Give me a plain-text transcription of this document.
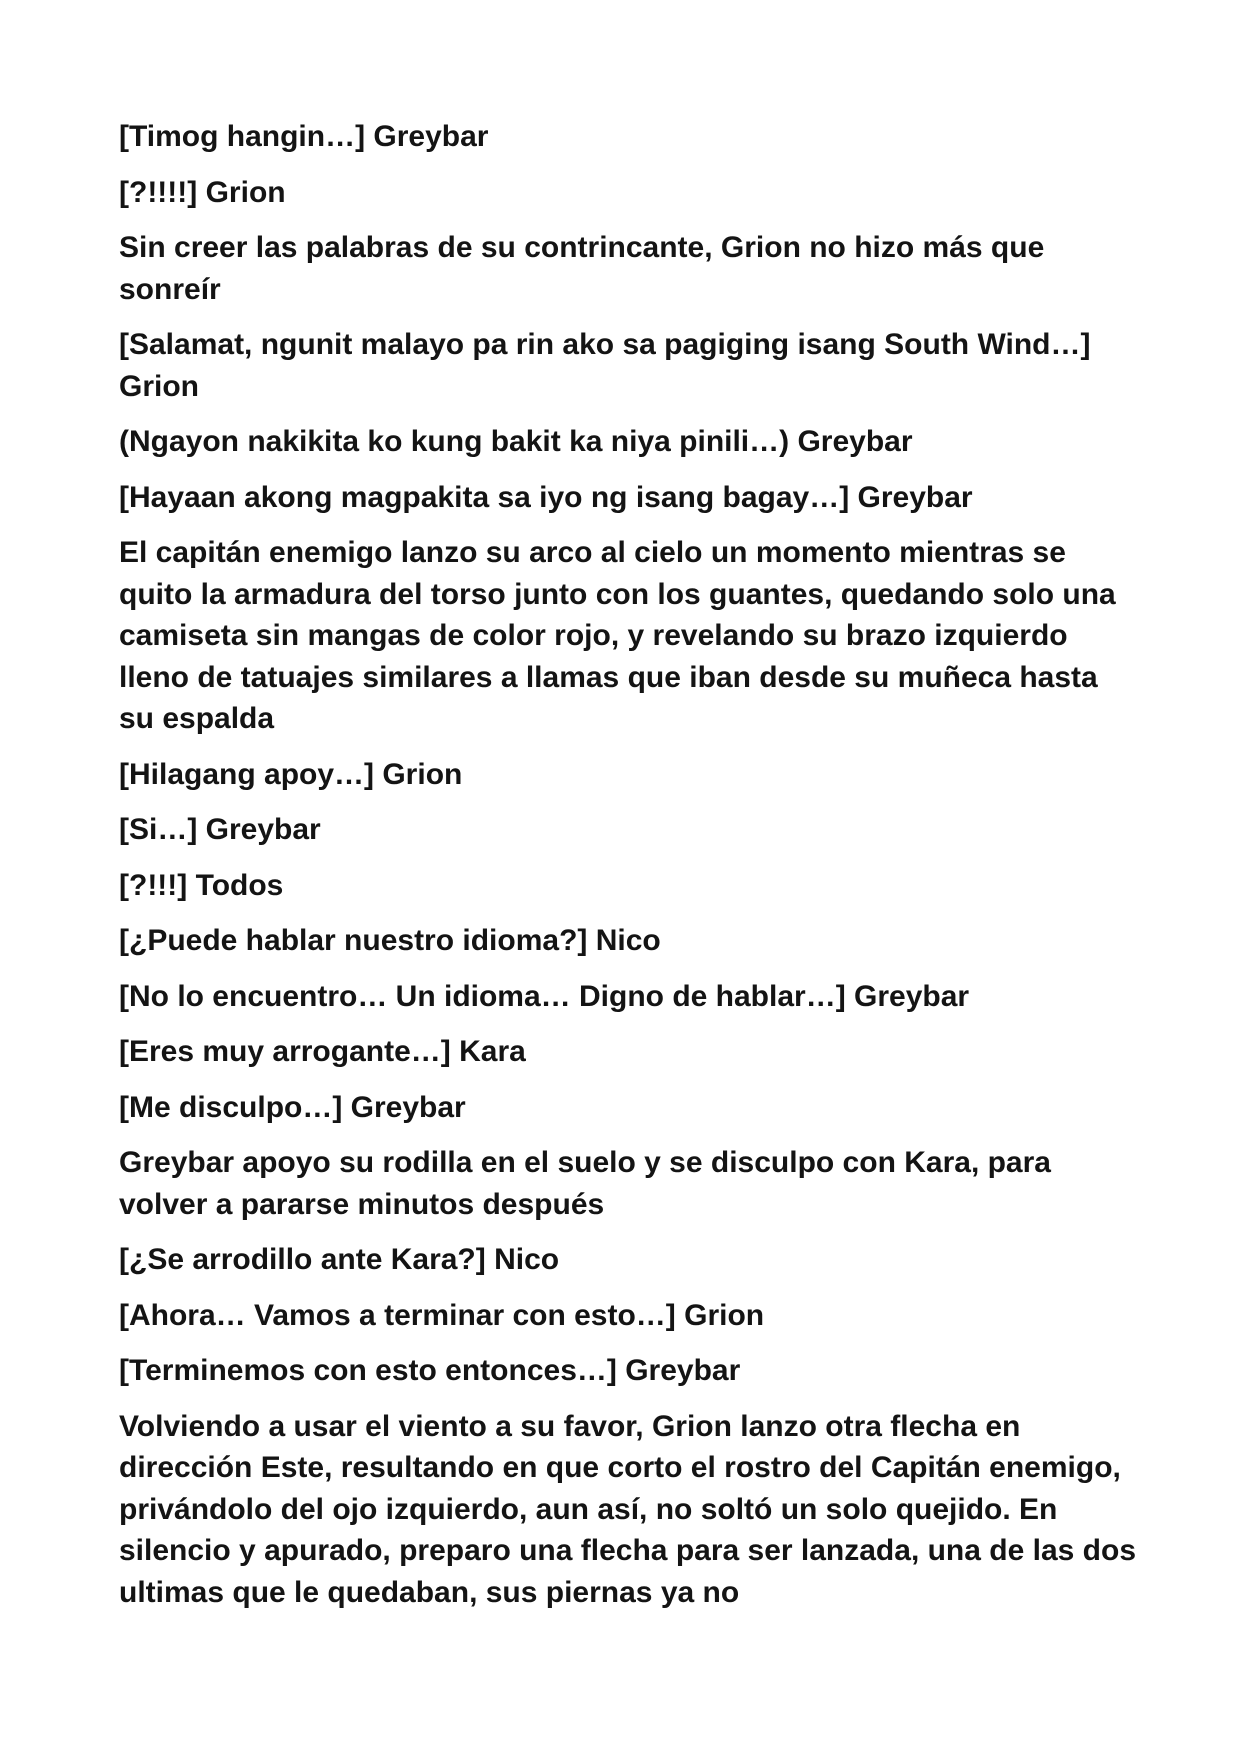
[Timog hangin…] Greybar

[?!!!!] Grion

Sin creer las palabras de su contrincante, Grion no hizo más que sonreír

[Salamat, ngunit malayo pa rin ako sa pagiging isang South Wind…] Grion

(Ngayon nakikita ko kung bakit ka niya pinili…) Greybar

[Hayaan akong magpakita sa iyo ng isang bagay…] Greybar

El capitán enemigo lanzo su arco al cielo un momento mientras se quito la armadura del torso junto con los guantes, quedando solo una camiseta sin mangas de color rojo, y revelando su brazo izquierdo lleno de tatuajes similares a llamas que iban desde su muñeca hasta su espalda

[Hilagang apoy…] Grion

[Si…] Greybar

[?!!!] Todos

[¿Puede hablar nuestro idioma?] Nico

[No lo encuentro… Un idioma… Digno de hablar…] Greybar

[Eres muy arrogante…] Kara

[Me disculpo…] Greybar

Greybar apoyo su rodilla en el suelo y se disculpo con Kara, para volver a pararse minutos después

[¿Se arrodillo ante Kara?] Nico

[Ahora… Vamos a terminar con esto…] Grion

[Terminemos con esto entonces…] Greybar

Volviendo a usar el viento a su favor, Grion lanzo otra flecha en dirección Este, resultando en que corto el rostro del Capitán enemigo, privándolo del ojo izquierdo, aun así, no soltó un solo quejido. En silencio y apurado, preparo una flecha para ser lanzada, una de las dos ultimas que le quedaban, sus piernas ya no
